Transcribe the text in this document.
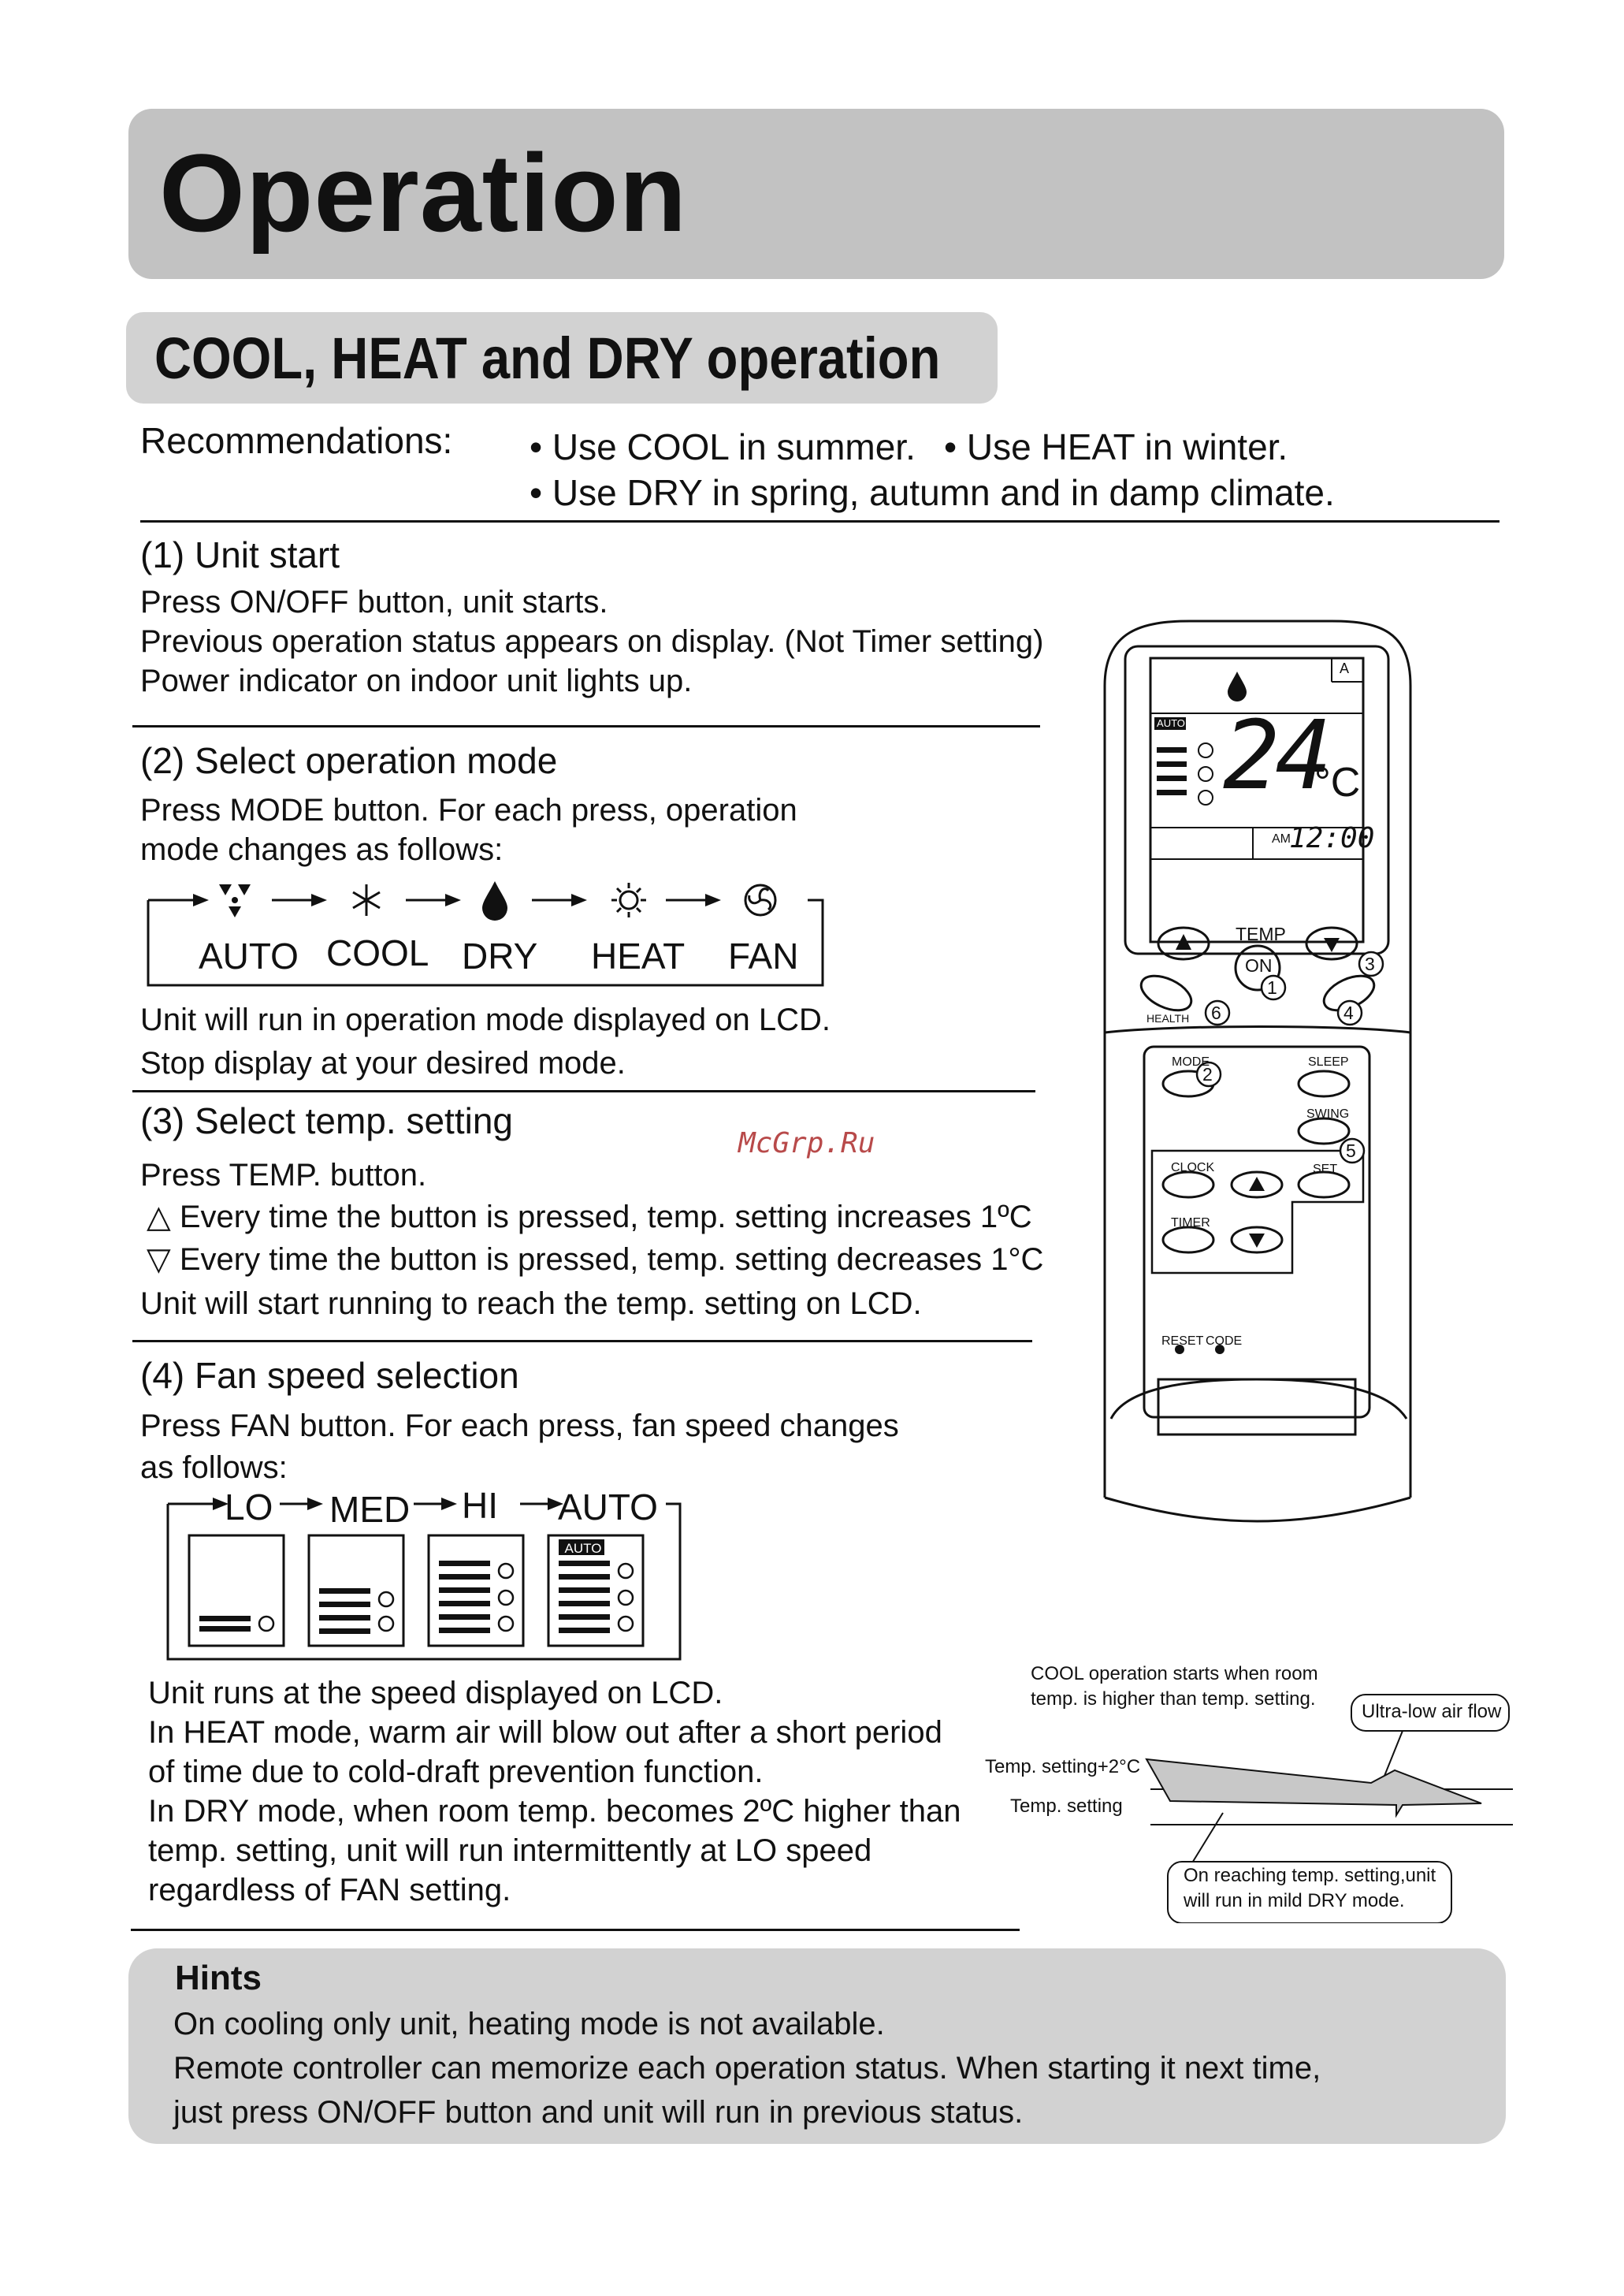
Operation
COOL, HEAT and DRY operation
Recommendations: • Use COOL in summer. • Use HEAT in winter.
• Use DRY in spring, autumn and in damp climate.
(1) Unit start
Press ON/OFF button, unit starts.
Previous operation status appears on display. (Not Timer setting)
Power indicator on indoor unit lights up.
(2) Select operation mode
Press MODE button. For each press, operation
mode changes as follows:
AUTO COOL DRY HEAT FAN
Unit will run in operation mode displayed on LCD.
Stop display at your desired mode.
(3) Select temp. setting
Press TEMP. button.
△ Every time the button is pressed, temp. setting increases 1ºC
▽ Every time the button is pressed, temp. setting decreases 1°C
Unit will start running to reach the temp. setting on LCD.
(4) Fan speed selection
Press FAN button. For each press, fan speed changes
as follows:
LO MED HI AUTO
AUTO
Unit runs at the speed displayed on LCD.
In HEAT mode, warm air will blow out after a short period
of time due to cold-draft prevention function.
In DRY mode, when room temp. becomes 2ºC higher than
temp. setting, unit will run intermittently at LO speed
regardless of FAN setting.
A
AUTO 24
°C
AM
12:00
TEMP
ON
HEALTH
MODE	SLEEP
SWING
CLOCK	SET
TIMER
RESET CODE
1
2
3
4
5
6
McGrp.Ru
COOL operation starts when room
temp. is higher than temp. setting.
Ultra-low air flow
Temp. setting+2°C
Temp. setting
On reaching temp. setting,unit
will run in mild DRY mode.
Hints
On cooling only unit, heating mode is not available.
Remote controller can memorize each operation status. When starting it next time,
just press ON/OFF button and unit will run in previous status.
